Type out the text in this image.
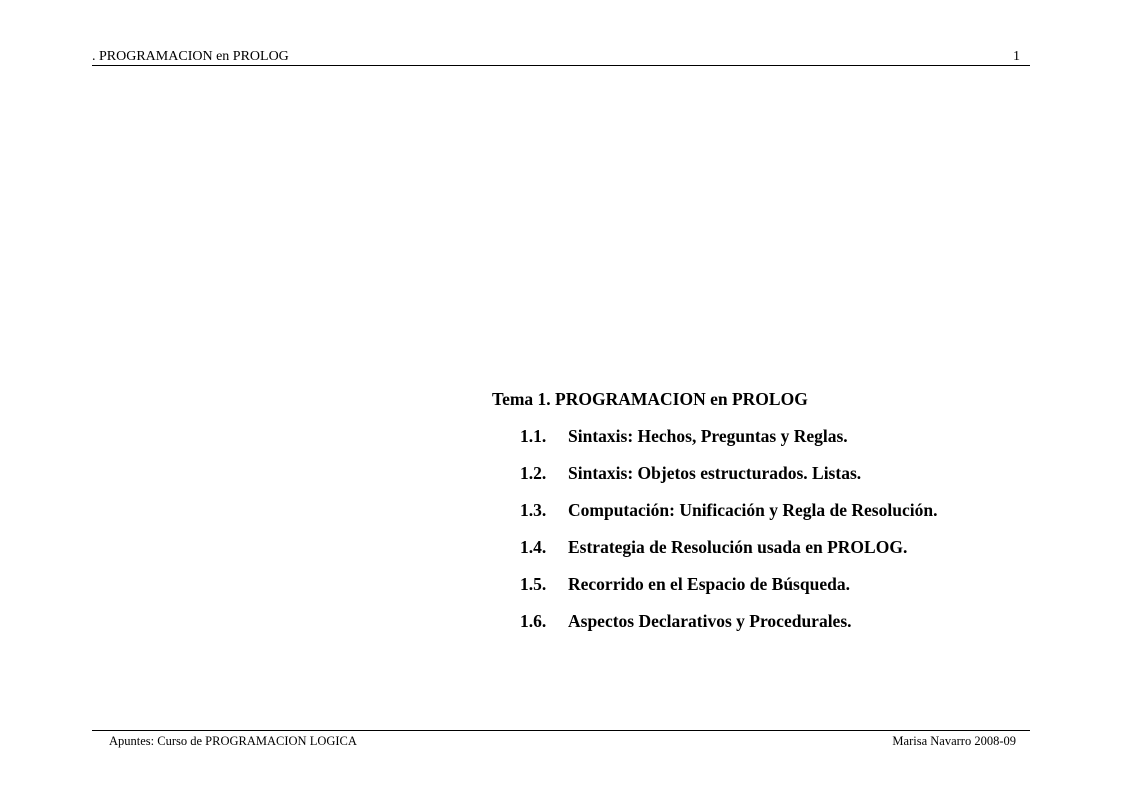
. PROGRAMACION en PROLOG	1
Tema 1. PROGRAMACION en PROLOG
1.1.	Sintaxis: Hechos, Preguntas y Reglas.
1.2.	Sintaxis: Objetos estructurados. Listas.
1.3.	Computación: Unificación y Regla de Resolución.
1.4.	Estrategia de Resolución usada en PROLOG.
1.5.	Recorrido en el Espacio de Búsqueda.
1.6.	Aspectos Declarativos y Procedurales.
Apuntes: Curso de PROGRAMACION LOGICA	Marisa Navarro 2008-09
